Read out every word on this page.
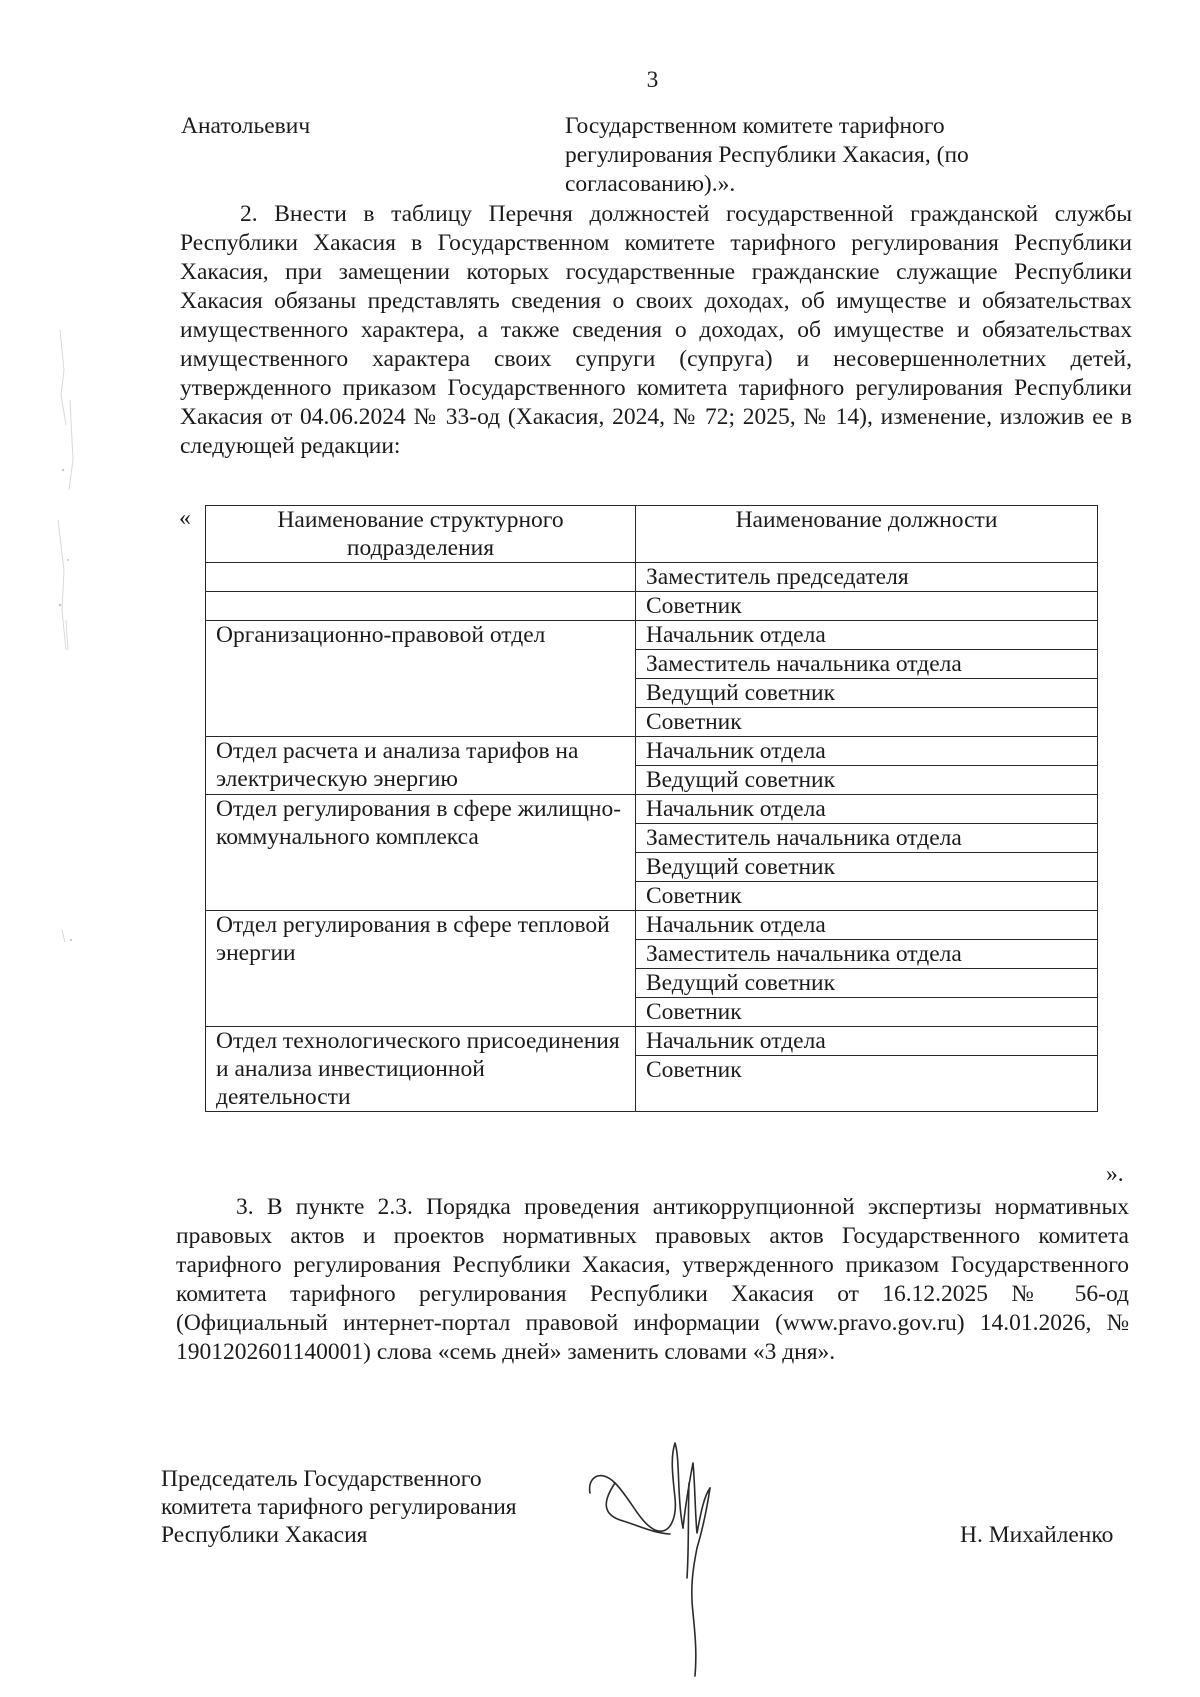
3
Анатольевич	Государственном комитете тарифного
регулирования Республики Хакасия, (по
согласованию).».
2. Внести в таблицу Перечня должностей государственной гражданской службы Республики Хакасия в Государственном комитете тарифного регулирования Республики Хакасия, при замещении которых государственные гражданские служащие Республики Хакасия обязаны представлять сведения о своих доходах, об имуществе и обязательствах имущественного характера, а также сведения о доходах, об имуществе и обязательствах имущественного характера своих супруги (супруга) и несовершеннолетних детей, утвержденного приказом Государственного комитета тарифного регулирования Республики Хакасия от 04.06.2024 № 33-од (Хакасия, 2024, № 72; 2025, № 14), изменение, изложив ее в следующей редакции:
«	Наименование структурного подразделения	Наименование должности
	Заместитель председателя
	Советник
Организационно-правовой отдел	Начальник отдела
	Заместитель начальника отдела
	Ведущий советник
	Советник
Отдел расчета и анализа тарифов на электрическую энергию	Начальник отдела
	Ведущий советник
Отдел регулирования в сфере жилищно-коммунального комплекса	Начальник отдела
	Заместитель начальника отдела
	Ведущий советник
	Советник
Отдел регулирования в сфере тепловой энергии	Начальник отдела
	Заместитель начальника отдела
	Ведущий советник
	Советник
Отдел технологического присоединения и анализа инвестиционной деятельности	Начальник отдела
	Советник

».
3. В пункте 2.3. Порядка проведения антикоррупционной экспертизы нормативных правовых актов и проектов нормативных правовых актов Государственного комитета тарифного регулирования Республики Хакасия, утвержденного приказом Государственного комитета тарифного регулирования Республики Хакасия от 16.12.2025 № 56-од (Официальный интернет-портал правовой информации (www.pravo.gov.ru) 14.01.2026, № 1901202601140001) слова «семь дней» заменить словами «3 дня».
Председатель Государственного
комитета тарифного регулирования
Республики Хакасия	Н. Михайленко
